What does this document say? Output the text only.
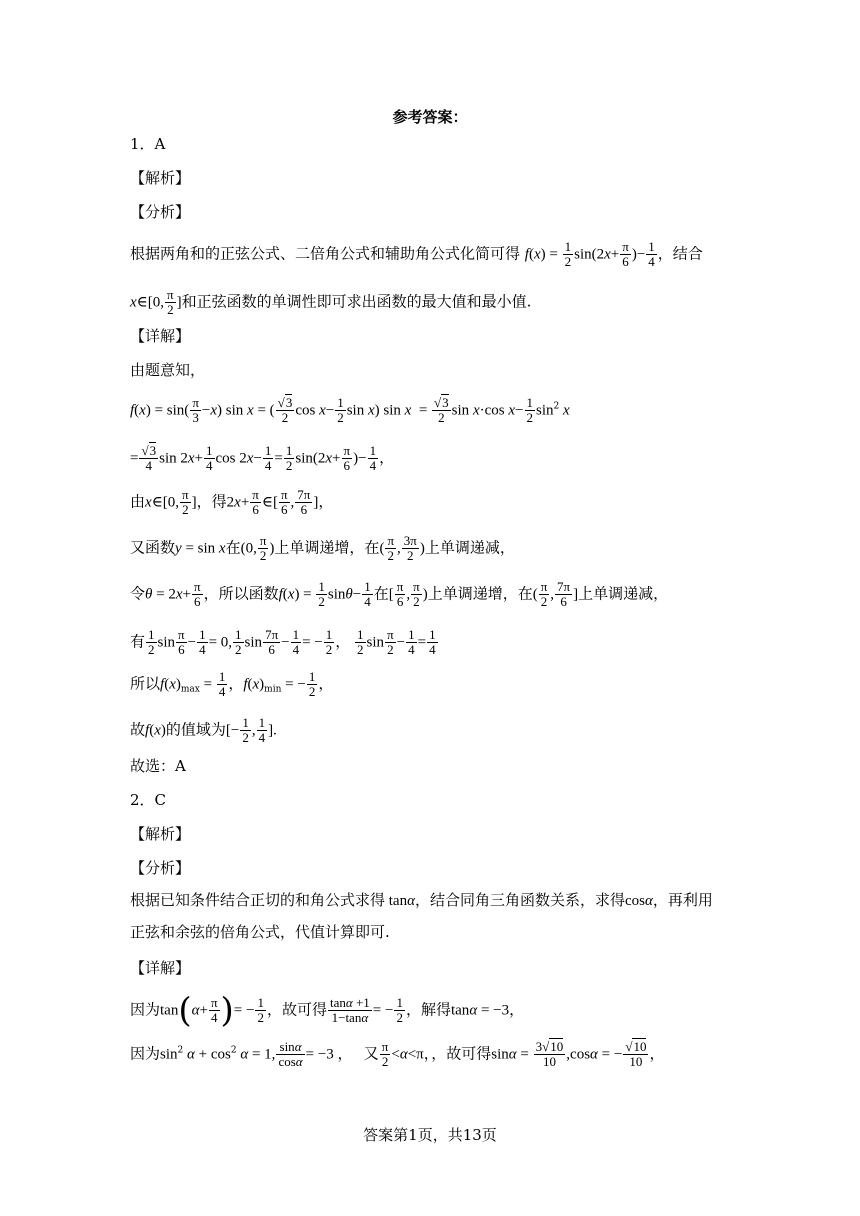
参考答案：
1．A
【解析】
【分析】
根据两角和的正弦公式、二倍角公式和辅助角公式化简可得 $f(x) = \frac{1}{2} \sin(2x+ \frac{\pi}{6}$ )− $\frac{1}{4}$ ，结合
x∈[0, $\frac{\pi}{2}$ ]和正弦函数的单调性即可求出函数的最大值和最小值.
【详解】
由题意知，
$f(x) = \sin( \frac{\pi}{3} -x)$ sin x = ( $\frac{√3}{2}$ $\cos x- \frac{1}{2}$ sin x) $\sin x = \frac{√3}{2}$ sin x·cos $x- \frac{1}{2} \sin^2 x$
= $\frac{√3}{4}$ $\sin 2x+ \frac{1}{4}$ $\cos 2x- \frac{1}{4} = \frac{1}{2} \sin(2x+ \frac{\pi}{6}$ )− $\frac{1}{4}$ ，
由x∈[0, $\frac{\pi}{2}$ ]，得$2x+ \frac{\pi}{6}$ ∈[ $\frac{\pi}{6}$ , $\frac{7\pi}{6}$ ]，
又函数y = sin x在(0, $\frac{\pi}{2}$ )上单调递增，在( $\frac{\pi}{2}$ , $\frac{3\pi}{2}$ )上单调递减，
令$\theta = 2x+ \frac{\pi}{6}$ ，所以函数$f(x) = \frac{1}{2} \sin\theta- \frac{1}{4}$ 在[ $\frac{\pi}{6}$ , $\frac{\pi}{2}$ )上单调递增，在( $\frac{\pi}{2}$ , $\frac{7\pi}{6}$ ]上单调递减，
有 $\frac{1}{2}$ $\sin \frac{\pi}{6} - \frac{1}{4} = 0$, $\frac{1}{2}$ $\sin \frac{7\pi}{6} - \frac{1}{4}$ = − $\frac{1}{2}$ ， $\frac{1}{2}$ $\sin \frac{\pi}{2} - \frac{1}{4} = \frac{1}{4}$
所以$f(x)_{max} = \frac{1}{4}$ ，$f(x)_{min}$ = − $\frac{1}{2}$ ，
故f(x)的值域为[− $\frac{1}{2}$ , $\frac{1}{4}$ ].
故选：A
2．C
【解析】
【分析】
根据已知条件结合正切的和角公式求得 tanα，结合同角三角函数关系，求得cosα，再利用
正弦和余弦的倍角公式，代值计算即可.
【详解】
因为$\tan(\alpha+ \frac{\pi}{4}$ )= − $\frac{1}{2}$ ，故可得 $\frac{\tan\alpha +1}{1-\tan\alpha}$ = − $\frac{1}{2}$ ，解得tanα = −3，
因为$\sin^2 \alpha + \cos^2 \alpha = 1$, $\frac{\sin\alpha}{\cos\alpha} = -3$ ，   又 $\frac{\pi}{2} <\alpha<\pi$，，故可得$\sin\alpha = \frac{3√10}{10} ,\cos\alpha$ = − $\frac{√10}{10}$ ，
答案第1页，共13页
